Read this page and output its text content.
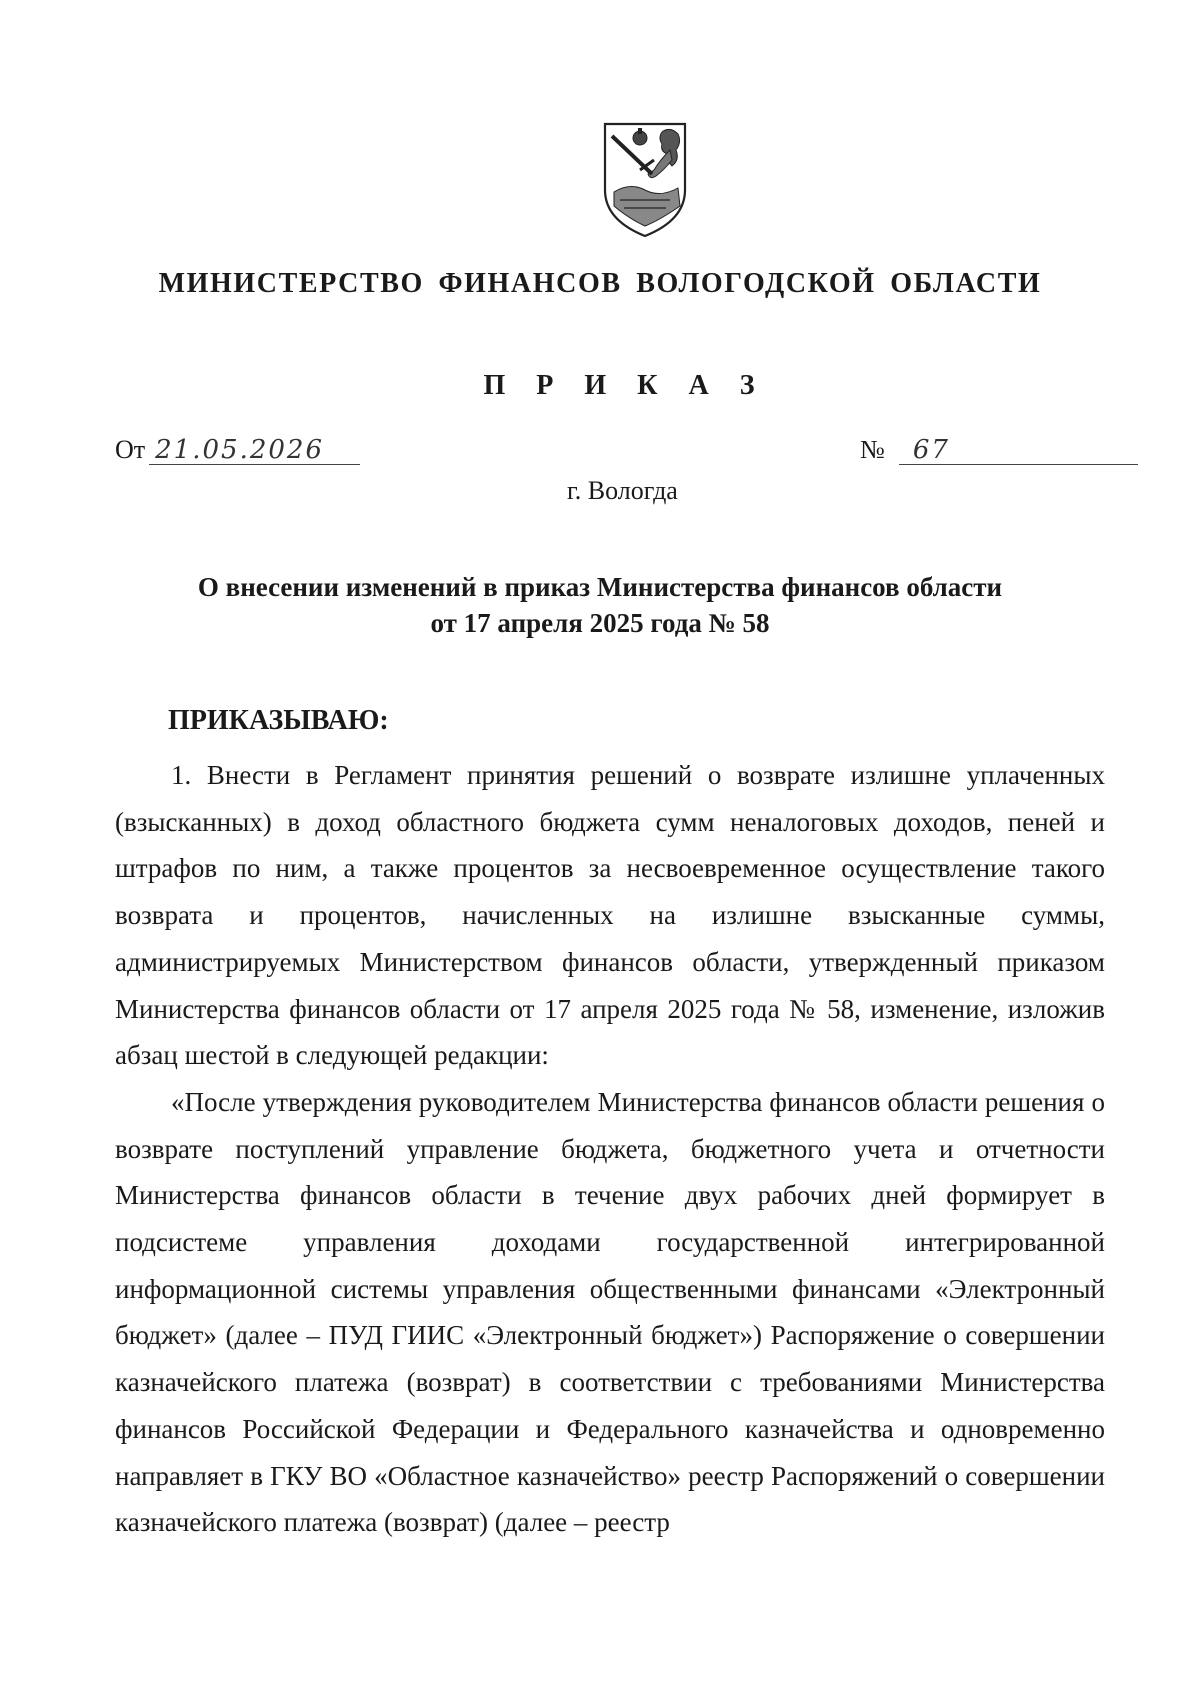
МИНИСТЕРСТВО ФИНАНСОВ ВОЛОГОДСКОЙ ОБЛАСТИ
П Р И К А З
От 21.05.2026	№	67
г. Вологда
О внесении изменений в приказ Министерства финансов области
от 17 апреля 2025 года № 58
ПРИКАЗЫВАЮ:

1. Внести в Регламент принятия решений о возврате излишне уплаченных (взысканных) в доход областного бюджета сумм неналоговых доходов, пеней и штрафов по ним, а также процентов за несвоевременное осуществление такого возврата и процентов, начисленных на излишне взысканные суммы, администрируемых Министерством финансов области, утвержденный приказом Министерства финансов области от 17 апреля 2025 года № 58, изменение, изложив абзац шестой в следующей редакции:

«После утверждения руководителем Министерства финансов области решения о возврате поступлений управление бюджета, бюджетного учета и отчетности Министерства финансов области в течение двух рабочих дней формирует в подсистеме управления доходами государственной интегрированной информационной системы управления общественными финансами «Электронный бюджет» (далее – ПУД ГИИС «Электронный бюджет») Распоряжение о совершении казначейского платежа (возврат) в соответствии с требованиями Министерства финансов Российской Федерации и Федерального казначейства и одновременно направляет в ГКУ ВО «Областное казначейство» реестр Распоряжений о совершении казначейского платежа (возврат) (далее – реестр
